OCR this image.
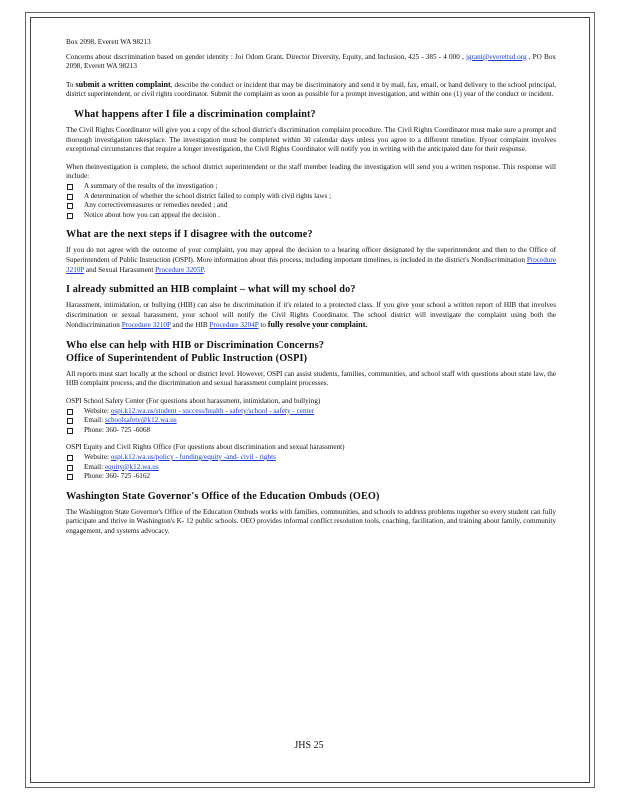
Box 2098, Everett WA 98213

Concerns about discrimination based on gender identity : Joi Odom Grant, Director Diversity, Equity, and Inclusion, 425 - 385 - 4 000 , jgrant@everettsd.org , PO Box 2098, Everett WA 98213

To submit a written complaint, describe the conduct or incident that may be discriminatory and send it by mail, fax, email, or hand delivery to the school principal, district superintendent, or civil rights coordinator. Submit the complaint as soon as possible for a prompt investigation, and within one (1) year of the conduct or incident.

What happens after I file a discrimination complaint?

The Civil Rights Coordinator will give you a copy of the school district's discrimination complaint procedure. The Civil Rights Coordinator must make sure a prompt and thorough investigation takesplace. The investigation must be completed within 30 calendar days unless you agree to a different timeline. Ifyour complaint involves exceptional circumstances that require a longer investigation, the Civil Rights Coordinator will notify you in writing with the anticipated date for their response.

When theinvestigation is complete, the school district superintendent or the staff member leading the investigation will send you a written response. This response will include:

A summary of the results of the investigation ;
A determination of whether the school district failed to comply with civil rights laws ;
Any correctivemeasures or remedies needed ; and
Notice about how you can appeal the decision .
What are the next steps if I disagree with the outcome?

If you do not agree with the outcome of your complaint, you may appeal the decision to a hearing officer designated by the superintendent and then to the Office of Superintendent of Public Instruction (OSPI). More information about this process, including important timelines, is included in the district's Nondiscrimination Procedure 3210P and Sexual Harassment Procedure 3205P.

I already submitted an HIB complaint – what will my school do?

Harassment, intimidation, or bullying (HIB) can also be discrimination if it's related to a protected class. If you give your school a written report of HIB that involves discrimination or sexual harassment, your school will notify the Civil Rights Coordinator. The school district will investigate the complaint using both the Nondiscrimination Procedure 3210P and the HIB Procedure 3204P to fully resolve your complaint.

Who else can help with HIB or Discrimination Concerns?
Office of Superintendent of Public Instruction (OSPI)

All reports must start locally at the school or district level. However, OSPI can assist students, families, communities, and school staff with questions about state law, the HIB complaint process, and the discrimination and sexual harassment complaint processes.

OSPI School Safety Center (For questions about harassment, intimidation, and bullying)

Website: ospi.k12.wa.us/student - success/health - safety/school - safety - center
Email: schoolsafety@k12.wa.us
Phone: 360- 725 -6068

OSPI Equity and Civil Rights Office (For questions about discrimination and sexual harassment)

Website: ospi.k12.wa.us/policy - funding/equity -and- civil - rights
Email: equity@k12.wa.us
Phone: 360- 725 -6162
Washington State Governor's Office of the Education Ombuds (OEO)

The Washington State Governor's Office of the Education Ombuds works with families, communities, and schools to address problems together so every student can fully participate and thrive in Washington's K- 12 public schools. OEO provides informal conflict resolution tools, coaching, facilitation, and training about family, community engagement, and systems advocacy.

JHS 25
